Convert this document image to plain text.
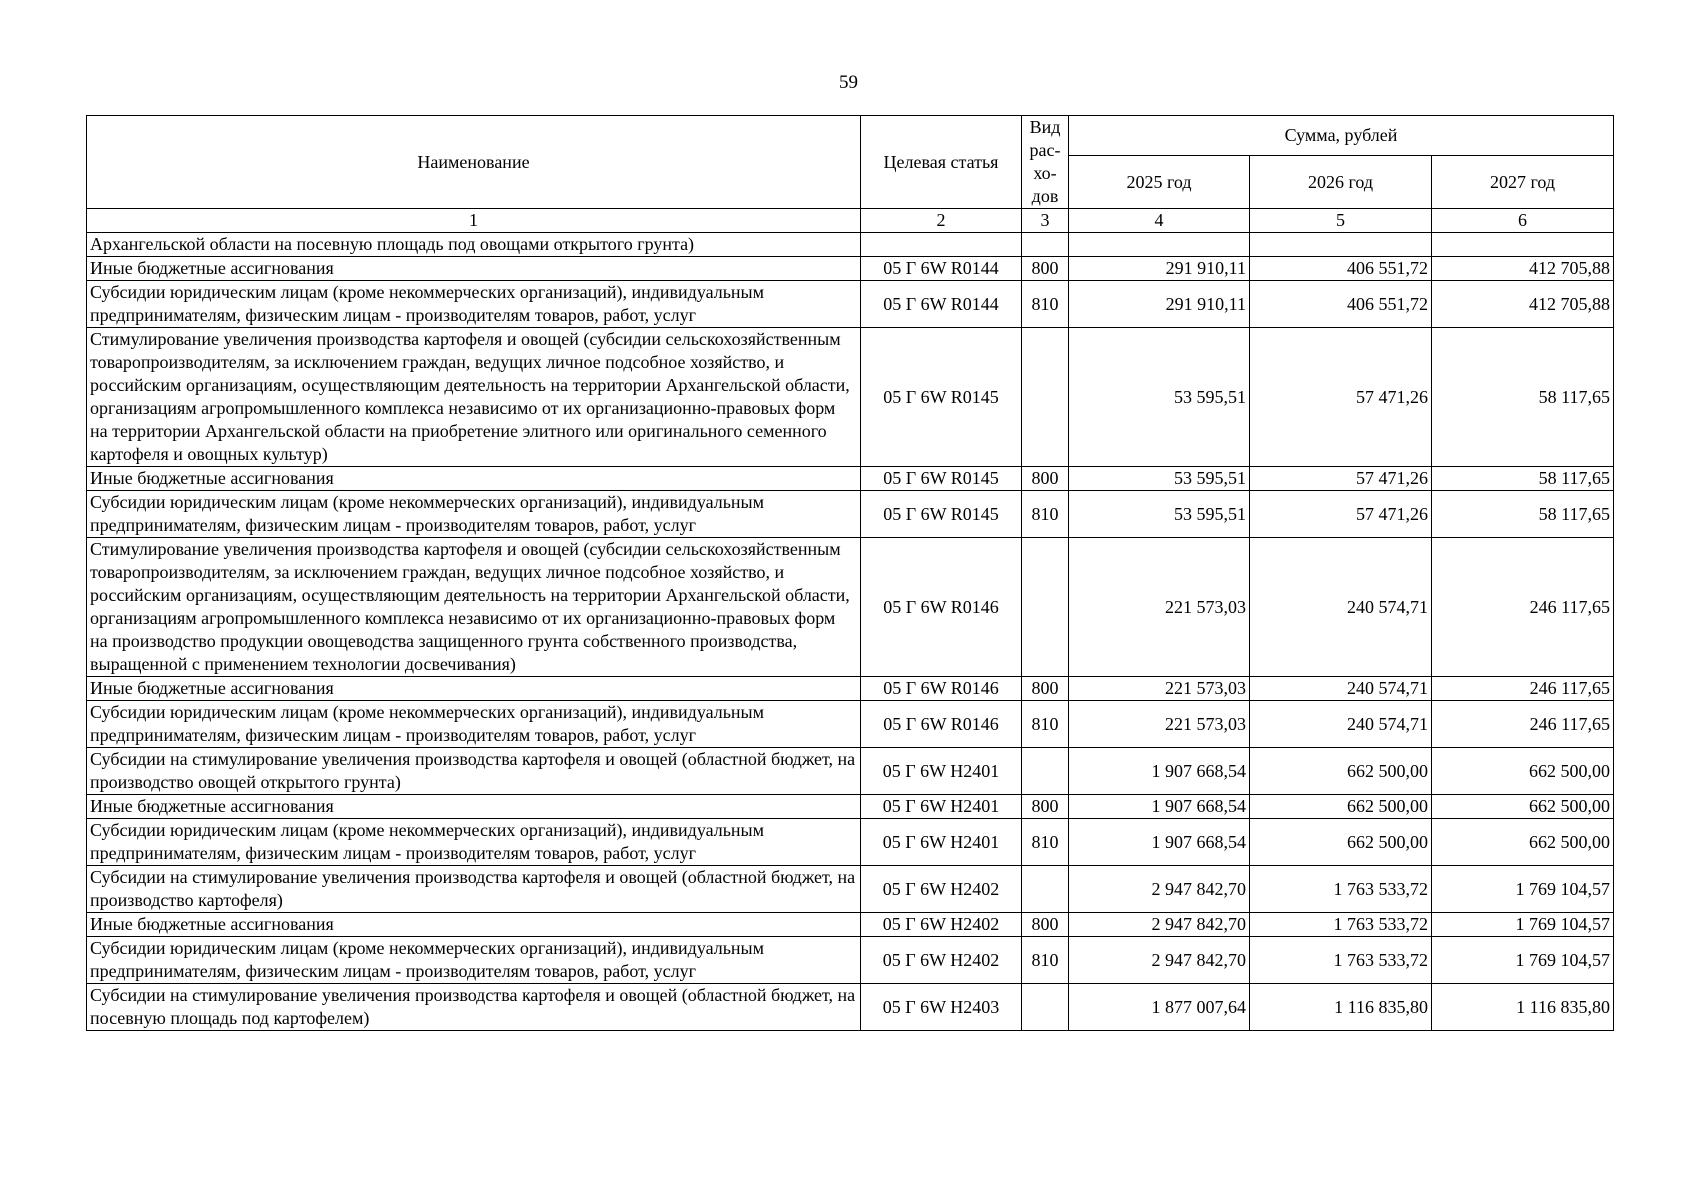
59
Наименование	Целевая статья	Вид
рас-
хо-
дов	Сумма, рублей		
			2025 год	2026 год	2027 год
1	2	3	4	5	6
Архангельской области на посевную площадь под овощами открытого грунта)					
Иные бюджетные ассигнования	05 Г 6W R0144	800	291 910,11	406 551,72	412 705,88
Субсидии юридическим лицам (кроме некоммерческих организаций), индивидуальным предпринимателям, физическим лицам - производителям товаров, работ, услуг	05 Г 6W R0144	810	291 910,11	406 551,72	412 705,88
Стимулирование увеличения производства картофеля и овощей (субсидии сельскохозяйственным товаропроизводителям, за исключением граждан, ведущих личное подсобное хозяйство, и российским организациям, осуществляющим деятельность на территории Архангельской области, организациям агропромышленного комплекса независимо от их организационно-правовых форм на территории Архангельской области на приобретение элитного или оригинального семенного картофеля и овощных культур)	05 Г 6W R0145		53 595,51	57 471,26	58 117,65
Иные бюджетные ассигнования	05 Г 6W R0145	800	53 595,51	57 471,26	58 117,65
Субсидии юридическим лицам (кроме некоммерческих организаций), индивидуальным предпринимателям, физическим лицам - производителям товаров, работ, услуг	05 Г 6W R0145	810	53 595,51	57 471,26	58 117,65
Стимулирование увеличения производства картофеля и овощей (субсидии сельскохозяйственным товаропроизводителям, за исключением граждан, ведущих личное подсобное хозяйство, и российским организациям, осуществляющим деятельность на территории Архангельской области, организациям агропромышленного комплекса независимо от их организационно-правовых форм на производство продукции овощеводства защищенного грунта собственного производства, выращенной с применением технологии досвечивания)	05 Г 6W R0146		221 573,03	240 574,71	246 117,65
Иные бюджетные ассигнования	05 Г 6W R0146	800	221 573,03	240 574,71	246 117,65
Субсидии юридическим лицам (кроме некоммерческих организаций), индивидуальным предпринимателям, физическим лицам - производителям товаров, работ, услуг	05 Г 6W R0146	810	221 573,03	240 574,71	246 117,65
Субсидии на стимулирование увеличения производства картофеля и овощей (областной бюджет, на производство овощей открытого грунта)	05 Г 6W Н2401		1 907 668,54	662 500,00	662 500,00
Иные бюджетные ассигнования	05 Г 6W Н2401	800	1 907 668,54	662 500,00	662 500,00
Субсидии юридическим лицам (кроме некоммерческих организаций), индивидуальным предпринимателям, физическим лицам - производителям товаров, работ, услуг	05 Г 6W Н2401	810	1 907 668,54	662 500,00	662 500,00
Субсидии на стимулирование увеличения производства картофеля и овощей (областной бюджет, на производство картофеля)	05 Г 6W Н2402		2 947 842,70	1 763 533,72	1 769 104,57
Иные бюджетные ассигнования	05 Г 6W Н2402	800	2 947 842,70	1 763 533,72	1 769 104,57
Субсидии юридическим лицам (кроме некоммерческих организаций), индивидуальным предпринимателям, физическим лицам - производителям товаров, работ, услуг	05 Г 6W Н2402	810	2 947 842,70	1 763 533,72	1 769 104,57
Субсидии на стимулирование увеличения производства картофеля и овощей (областной бюджет, на посевную площадь под картофелем)	05 Г 6W Н2403		1 877 007,64	1 116 835,80	1 116 835,80
